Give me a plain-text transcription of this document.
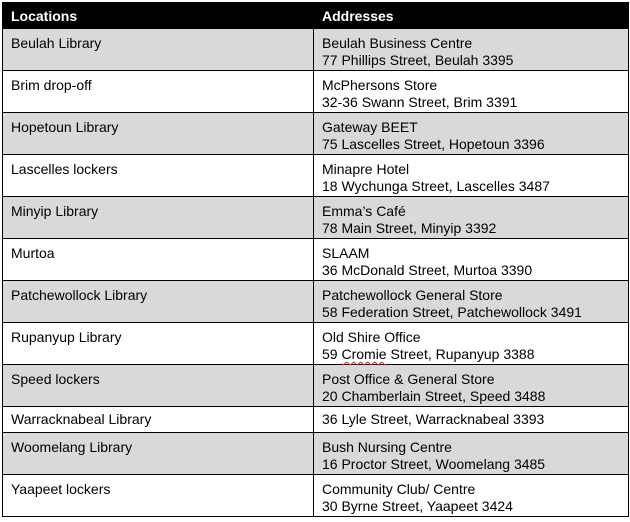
Locations	Addresses

Beulah Library	Beulah Business Centre
77 Phillips Street, Beulah 3395

Brim drop-off	McPhersons Store
32-36 Swann Street, Brim 3391

Hopetoun Library	Gateway BEET
75 Lascelles Street, Hopetoun 3396

Lascelles lockers	Minapre Hotel
18 Wychunga Street, Lascelles 3487

Minyip Library	Emma’s Café
78 Main Street, Minyip 3392

Murtoa	SLAAM
36 McDonald Street, Murtoa 3390

Patchewollock Library	Patchewollock General Store
58 Federation Street, Patchewollock 3491

Rupanyup Library	Old Shire Office
59 Cromie Street, Rupanyup 3388

Speed lockers	Post Office & General Store
20 Chamberlain Street, Speed 3488

Warracknabeal Library	36 Lyle Street, Warracknabeal 3393

Woomelang Library	Bush Nursing Centre
16 Proctor Street, Woomelang 3485

Yaapeet lockers	Community Club/ Centre
30 Byrne Street, Yaapeet 3424
